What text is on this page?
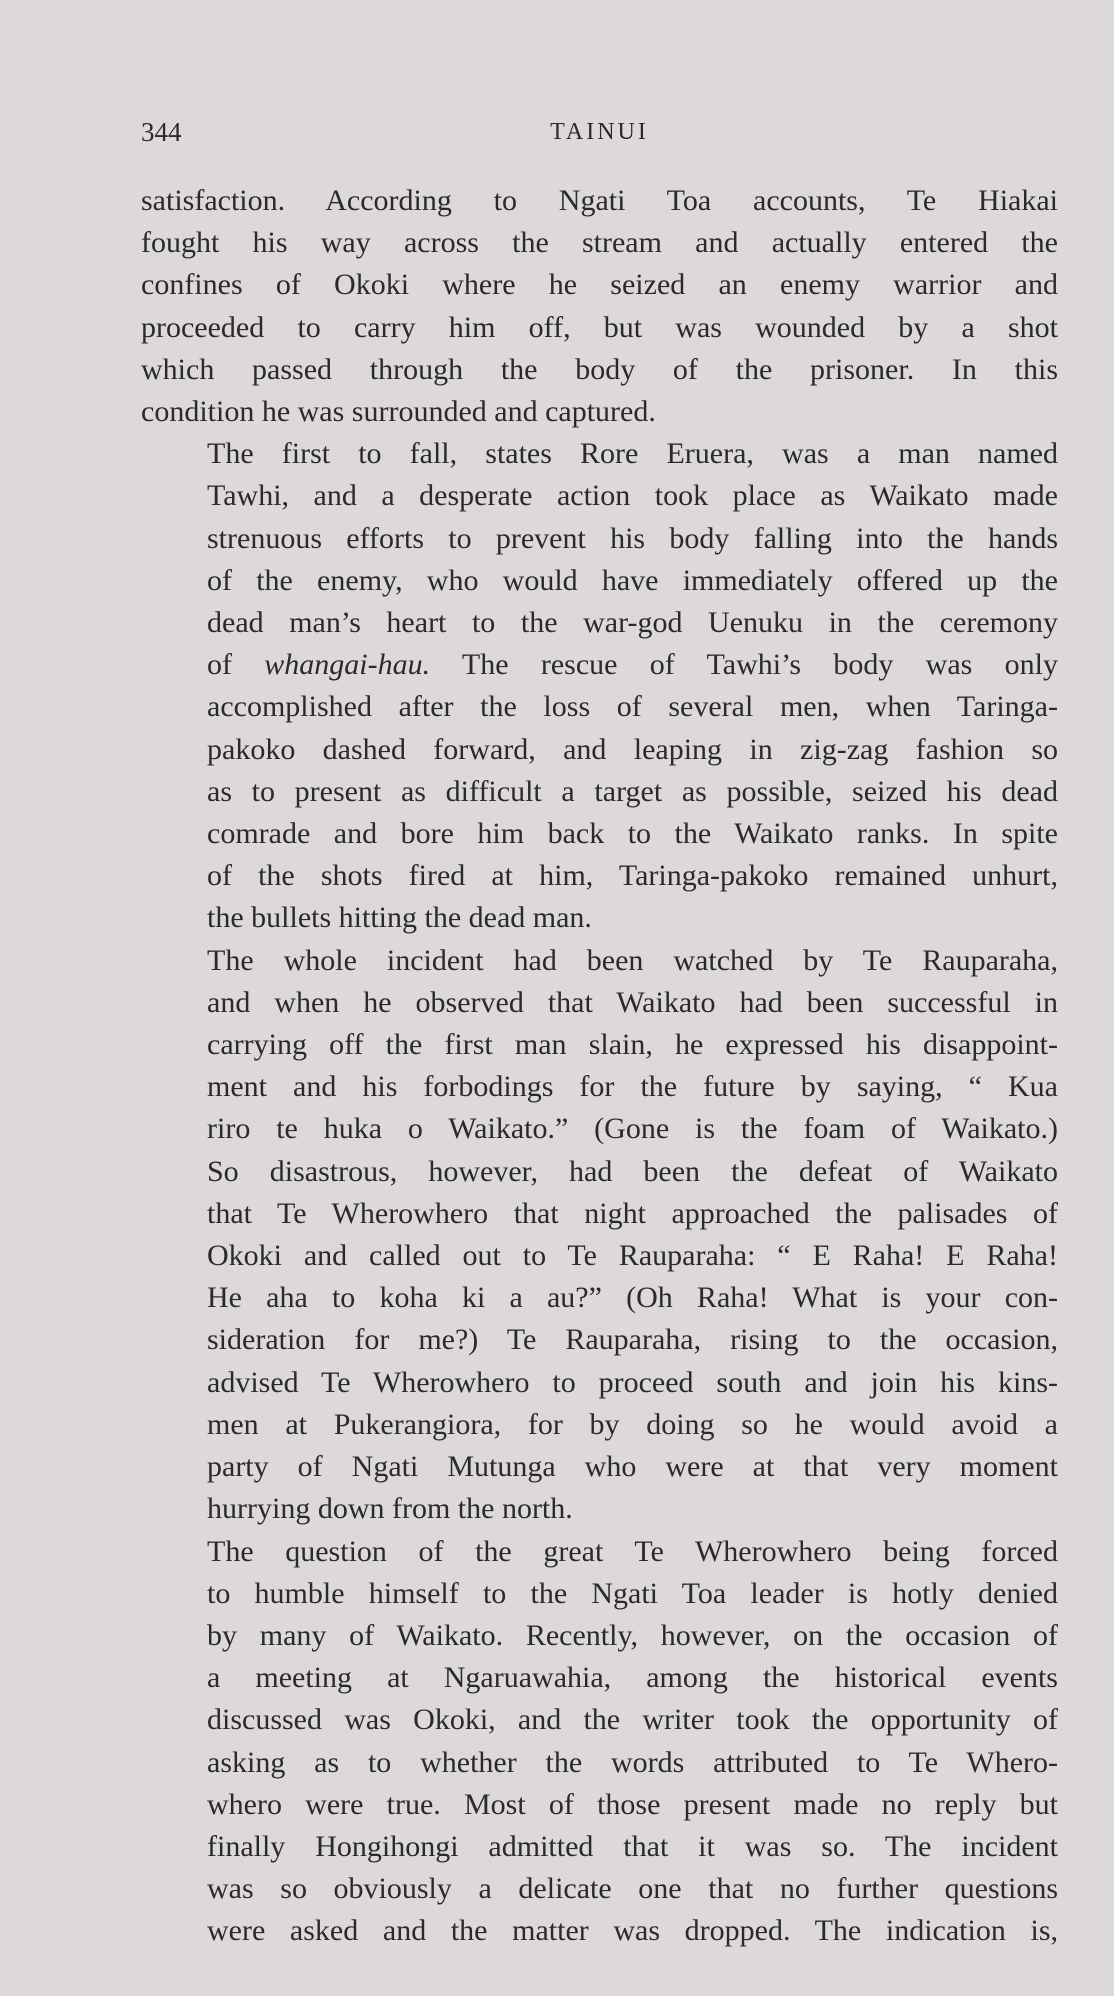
344	TAINUI

satisfaction. According to Ngati Toa accounts, Te Hiakai
fought his way across the stream and actually entered the
confines of Okoki where he seized an enemy warrior and
proceeded to carry him off, but was wounded by a shot
which passed through the body of the prisoner. In this
condition he was surrounded and captured.

The first to fall, states Rore Eruera, was a man named
Tawhi, and a desperate action took place as Waikato made
strenuous efforts to prevent his body falling into the hands
of the enemy, who would have immediately offered up the
dead man’s heart to the war-god Uenuku in the ceremony
of whangai-hau. The rescue of Tawhi’s body was only
accomplished after the loss of several men, when Taringa-
pakoko dashed forward, and leaping in zig-zag fashion so
as to present as difficult a target as possible, seized his dead
comrade and bore him back to the Waikato ranks. In spite
of the shots fired at him, Taringa-pakoko remained unhurt,
the bullets hitting the dead man.

The whole incident had been watched by Te Rauparaha,
and when he observed that Waikato had been successful in
carrying off the first man slain, he expressed his disappoint-
ment and his forbodings for the future by saying, “ Kua
riro te huka o Waikato.” (Gone is the foam of Waikato.)
So disastrous, however, had been the defeat of Waikato
that Te Wherowhero that night approached the palisades of
Okoki and called out to Te Rauparaha: “ E Raha! E Raha!
He aha to koha ki a au?” (Oh Raha! What is your con-
sideration for me?) Te Rauparaha, rising to the occasion,
advised Te Wherowhero to proceed south and join his kins-
men at Pukerangiora, for by doing so he would avoid a
party of Ngati Mutunga who were at that very moment
hurrying down from the north.

The question of the great Te Wherowhero being forced
to humble himself to the Ngati Toa leader is hotly denied
by many of Waikato. Recently, however, on the occasion of
a meeting at Ngaruawahia, among the historical events
discussed was Okoki, and the writer took the opportunity of
asking as to whether the words attributed to Te Whero-
whero were true. Most of those present made no reply but
finally Hongihongi admitted that it was so. The incident
was so obviously a delicate one that no further questions
were asked and the matter was dropped. The indication is,
